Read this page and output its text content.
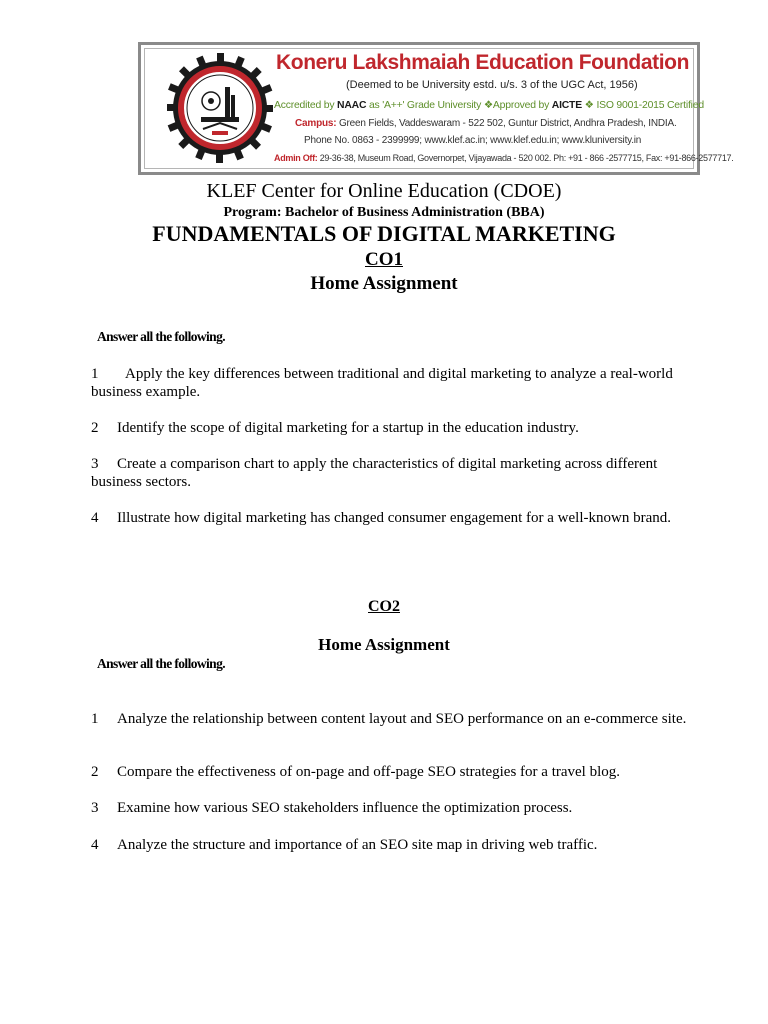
Koneru Lakshmaiah Education Foundation
(Deemed to be University estd. u/s. 3 of the UGC Act, 1956)
Accredited by NAAC as 'A++' Grade University ❖Approved by AICTE ❖ ISO 9001-2015 Certified
Campus: Green Fields, Vaddeswaram - 522 502, Guntur District, Andhra Pradesh, INDIA.
Phone No. 0863 - 2399999; www.klef.ac.in; www.klef.edu.in; www.kluniversity.in
Admin Off: 29-36-38, Museum Road, Governorpet, Vijayawada - 520 002. Ph: +91 - 866 -2577715, Fax: +91-866-2577717.
KLEF Center for Online Education (CDOE)
Program: Bachelor of Business Administration (BBA)
FUNDAMENTALS OF DIGITAL MARKETING
CO1
Home Assignment
Answer all the following.
1 Apply the key differences between traditional and digital marketing to analyze a real-world business example.
2 Identify the scope of digital marketing for a startup in the education industry.
3 Create a comparison chart to apply the characteristics of digital marketing across different business sectors.
4 Illustrate how digital marketing has changed consumer engagement for a well-known brand.
CO2
Home Assignment
Answer all the following.
1 Analyze the relationship between content layout and SEO performance on an e-commerce site.
2 Compare the effectiveness of on-page and off-page SEO strategies for a travel blog.
3 Examine how various SEO stakeholders influence the optimization process.
4 Analyze the structure and importance of an SEO site map in driving web traffic.
